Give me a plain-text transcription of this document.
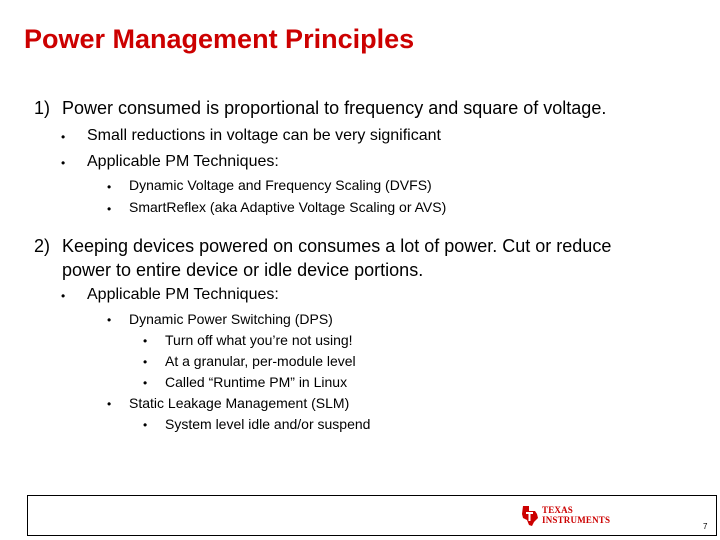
Power Management Principles
1) Power consumed is proportional to frequency and square of voltage.
• Small reductions in voltage can be very significant
• Applicable PM Techniques:
• Dynamic Voltage and Frequency Scaling (DVFS)
• SmartReflex (aka Adaptive Voltage Scaling or AVS)
2) Keeping devices powered on consumes a lot of power. Cut or reduce
power to entire device or idle device portions.
• Applicable PM Techniques:
• Dynamic Power Switching (DPS)
• Turn off what you’re not using!
• At a granular, per-module level
• Called “Runtime PM” in Linux
• Static Leakage Management (SLM)
• System level idle and/or suspend
TEXAS
INSTRUMENTS
7
